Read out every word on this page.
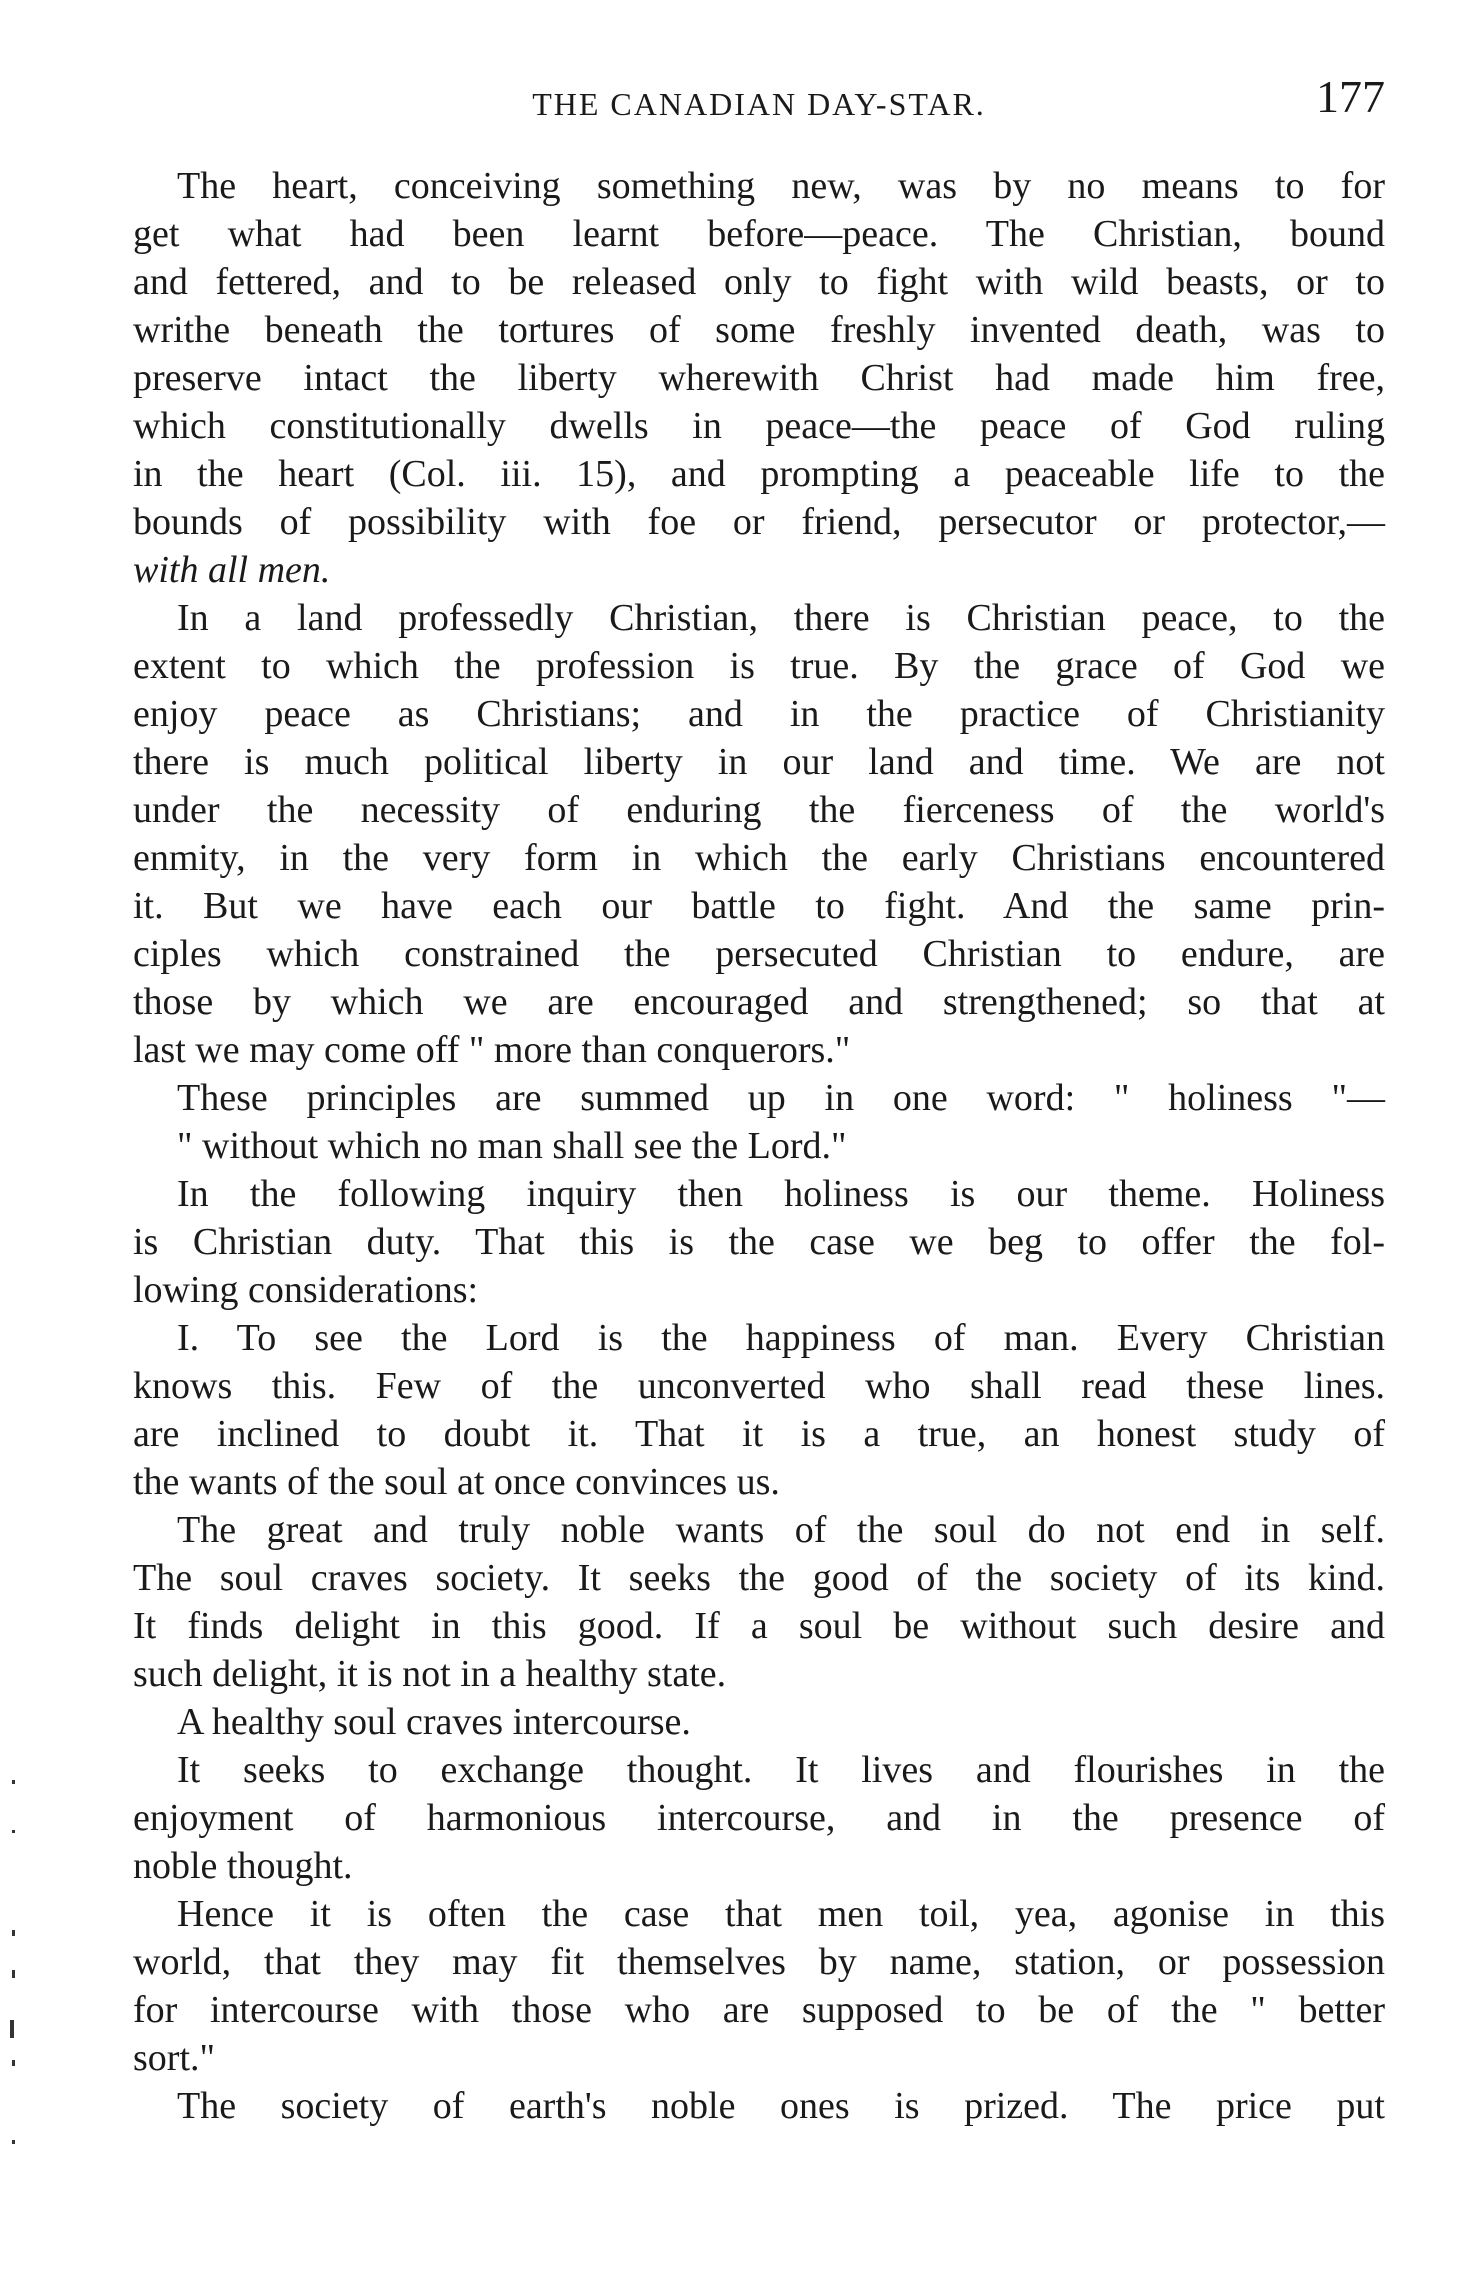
THE CANADIAN DAY-STAR.	177
The heart, conceiving something new, was by no means to for
get what had been learnt before—peace. The Christian, bound
and fettered, and to be released only to fight with wild beasts, or to
writhe beneath the tortures of some freshly invented death, was to
preserve intact the liberty wherewith Christ had made him free,
which constitutionally dwells in peace—the peace of God ruling
in the heart (Col. iii. 15), and prompting a peaceable life to the
bounds of possibility with foe or friend, persecutor or protector,—
with all men.
In a land professedly Christian, there is Christian peace, to the
extent to which the profession is true. By the grace of God we
enjoy peace as Christians; and in the practice of Christianity
there is much political liberty in our land and time. We are not
under the necessity of enduring the fierceness of the world's
enmity, in the very form in which the early Christians encountered
it. But we have each our battle to fight. And the same prin-
ciples which constrained the persecuted Christian to endure, are
those by which we are encouraged and strengthened; so that at
last we may come off " more than conquerors."
These principles are summed up in one word: " holiness "—
" without which no man shall see the Lord."
In the following inquiry then holiness is our theme. Holiness
is Christian duty. That this is the case we beg to offer the fol-
lowing considerations:
I. To see the Lord is the happiness of man. Every Christian
knows this. Few of the unconverted who shall read these lines.
are inclined to doubt it. That it is a true, an honest study of
the wants of the soul at once convinces us.
The great and truly noble wants of the soul do not end in self.
The soul craves society. It seeks the good of the society of its kind.
It finds delight in this good. If a soul be without such desire and
such delight, it is not in a healthy state.
A healthy soul craves intercourse.
It seeks to exchange thought. It lives and flourishes in the
enjoyment of harmonious intercourse, and in the presence of
noble thought.
Hence it is often the case that men toil, yea, agonise in this
world, that they may fit themselves by name, station, or possession
for intercourse with those who are supposed to be of the " better
sort."
The society of earth's noble ones is prized. The price put
